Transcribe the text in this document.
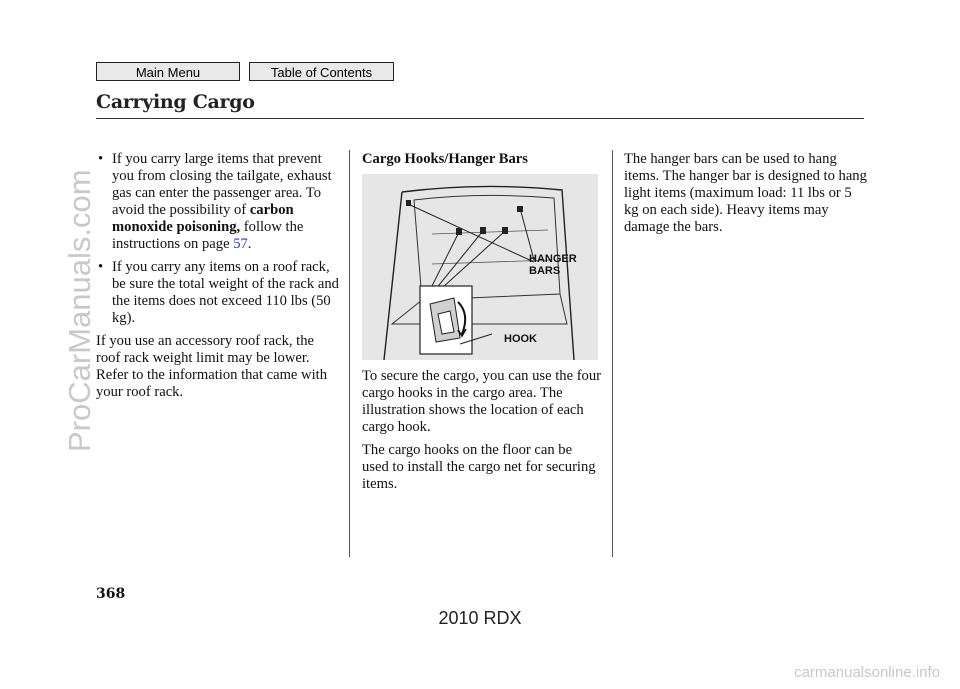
Main Menu	Table of Contents
Carrying Cargo
• If you carry large items that prevent you from closing the tailgate, exhaust gas can enter the passenger area. To avoid the possibility of carbon monoxide poisoning, follow the instructions on page 57.
• If you carry any items on a roof rack, be sure the total weight of the rack and the items does not exceed 110 lbs (50 kg).

If you use an accessory roof rack, the roof rack weight limit may be lower. Refer to the information that came with your roof rack.

Cargo Hooks/Hanger Bars
HANGER
BARS
HOOK

To secure the cargo, you can use the four cargo hooks in the cargo area. The illustration shows the location of each cargo hook.

The cargo hooks on the floor can be used to install the cargo net for securing items.

The hanger bars can be used to hang items. The hanger bar is designed to hang light items (maximum load: 11 lbs or 5 kg on each side). Heavy items may damage the bars.

368
2010 RDX
ProCarManuals.com
carmanualsonline.info
